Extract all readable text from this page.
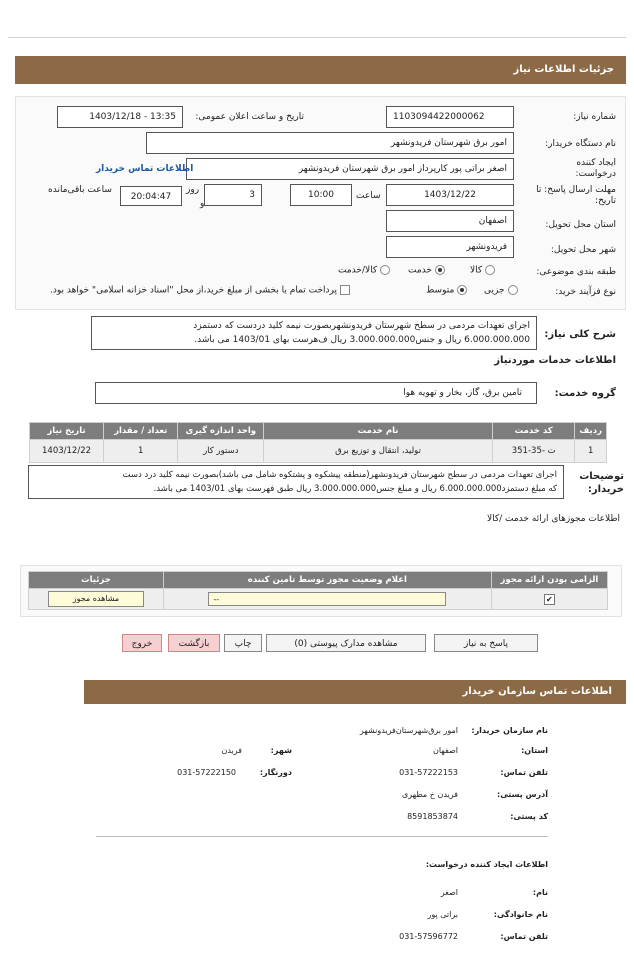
جزئیات اطلاعات نیاز
شماره نیاز:
1103094422000062
تاریخ و ساعت اعلان عمومی:
1403/12/18 - 13:35
نام دستگاه خریدار:
امور برق شهرستان فریدونشهر
ایجاد کننده
درخواست:
اصغر براتی پور کارپرداز امور برق شهرستان فریدونشهر
اطلاعات تماس خریدار
مهلت ارسال پاسخ: تا
تاریخ:
1403/12/22
ساعت
10:00
3
روز
و
20:04:47
ساعت باقی‌مانده
استان محل تحویل:
اصفهان
شهر محل تحویل:
فریدونشهر
طبقه بندی موضوعی:
کالا
خدمت
کالا/خدمت
نوع فرآیند خرید:
جزیی
متوسط
پرداخت تمام یا بخشی از مبلغ خرید،از محل "اسناد خزانه اسلامی" خواهد بود.
شرح کلی نیاز:
اجرای تعهدات مردمی در سطح شهرستان فریدونشهربصورت نیمه کلید دردست که دستمزد
6.000.000.000 ریال و جنس3.000.000.000 ریال ف‌هرست بهای 1403/01 می باشد.
اطلاعات خدمات موردنیاز
گروه خدمت:
تامین برق، گاز، بخار و تهویه هوا
ردیف	کد خدمت	نام خدمت	واحد اندازه گیری	تعداد / مقدار	تاریخ نیاز
1	ت -35-351	تولید، انتقال و توزیع برق	دستور کار	1	1403/12/22
توضیحات
خریدار:
اجرای تعهدات مردمی در سطح شهرستان فریدونشهر(منطقه پیشکوه و پشتکوه شامل می باشد)بصورت نیمه کلید درد دست
که مبلغ دستمزد6.000.000.000 ریال و مبلغ جنس3.000.000.000 ریال طبق فهرست بهای 1403/01 می باشد.
اطلاعات مجوزهای ارائه خدمت /کالا
الزامی بودن ارائه مجوز	اعلام وضعیت مجوز توسط تامین کننده	جزئیات
✔	--	مشاهده مجوز
پاسخ به نیاز
مشاهده مدارک پیوستی (0)
چاپ
بازگشت
خروج
اطلاعات تماس سازمان خریدار
نام سازمان خریدار:
امور برق‌شهرستان‌فریدونشهر
استان:
اصفهان
شهر:
فریدن
تلفن تماس:
031-57222153
دورنگار:
031-57222150
آدرس پستی:
فریدن خ مطهری
کد پستی:
8591853874
اطلاعات ایجاد کننده درخواست:
نام:
اصغر
نام خانوادگی:
براتی پور
تلفن تماس:
031-57596772
